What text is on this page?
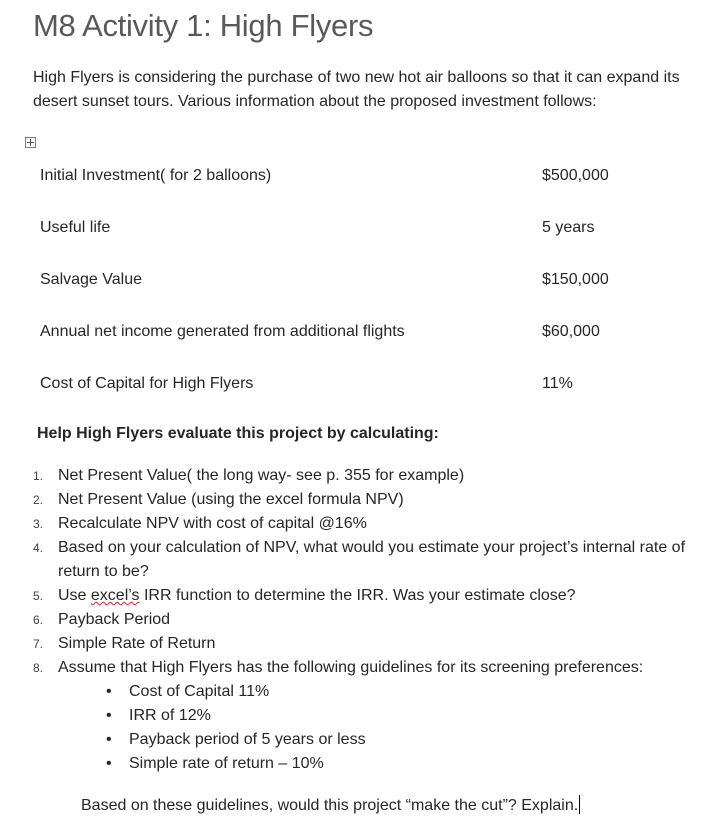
M8 Activity 1: High Flyers
High Flyers is considering the purchase of two new hot air balloons so that it can expand its desert sunset tours. Various information about the proposed investment follows:
Initial Investment( for 2 balloons)	$500,000
Useful life	5 years
Salvage Value	$150,000
Annual net income generated from additional flights	$60,000
Cost of Capital for High Flyers	11%
Help High Flyers evaluate this project by calculating:
1. Net Present Value( the long way- see p. 355 for example)
2. Net Present Value (using the excel formula NPV)
3. Recalculate NPV with cost of capital @16%
4. Based on your calculation of NPV, what would you estimate your project’s internal rate of return to be?
5. Use excel’s IRR function to determine the IRR. Was your estimate close?
6. Payback Period
7. Simple Rate of Return
8. Assume that High Flyers has the following guidelines for its screening preferences:
• Cost of Capital 11%
• IRR of 12%
• Payback period of 5 years or less
• Simple rate of return – 10%
Based on these guidelines, would this project “make the cut”? Explain.
